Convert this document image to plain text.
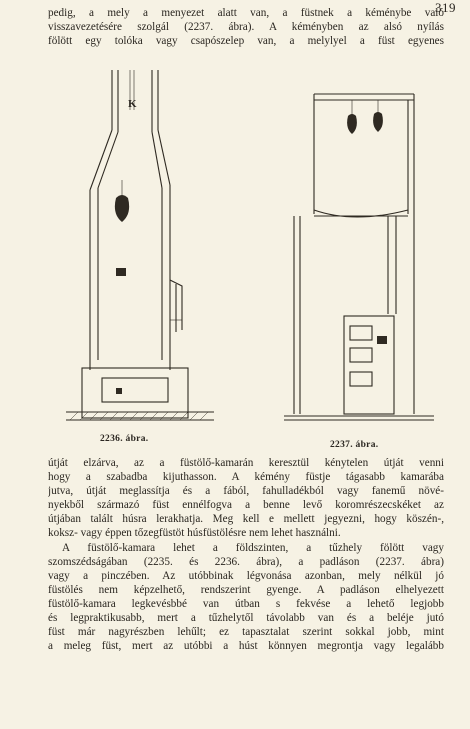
319
pedig, a mely a menyezet alatt van, a füstnek a kéménybe való
visszavezetésére szolgál (2237. ábra). A kéményben az alsó nyílás
fölött egy tolóka vagy csapószelep van, a melylyel a füst egyenes
K
2236. ábra.
2237. ábra.

útját elzárva, az a füstölő-kamarán keresztül kénytelen útját venni
hogy a szabadba kijuthasson. A kémény füstje tágasabb kamarába
jutva, útját meglassítja és a fából, fahulladékból vagy fanemű növé-
nyekből származó füst ennélfogva a benne levő koromrészecskéket az
útjában talált húsra lerakhatja. Meg kell e mellett jegyezni, hogy köszén-,
koksz- vagy éppen tőzegfüstöt húsfüstölésre nem lehet használni.

A füstölő-kamara lehet a földszinten, a tűzhely fölött vagy
szomszédságában (2235. és 2236. ábra), a padláson (2237. ábra)
vagy a pinczében. Az utóbbinak légvonása azonban, mely nélkül jó
füstölés nem képzelhető, rendszerint gyenge. A padláson elhelyezett
füstölő-kamara legkevésbbé van útban s fekvése a lehető legjobb
és legpraktikusabb, mert a tűzhelytől távolabb van és a beléje jutó
füst már nagyrészben lehűlt; ez tapasztalat szerint sokkal jobb, mint
a meleg füst, mert az utóbbi a húst könnyen megrontja vagy legalább
